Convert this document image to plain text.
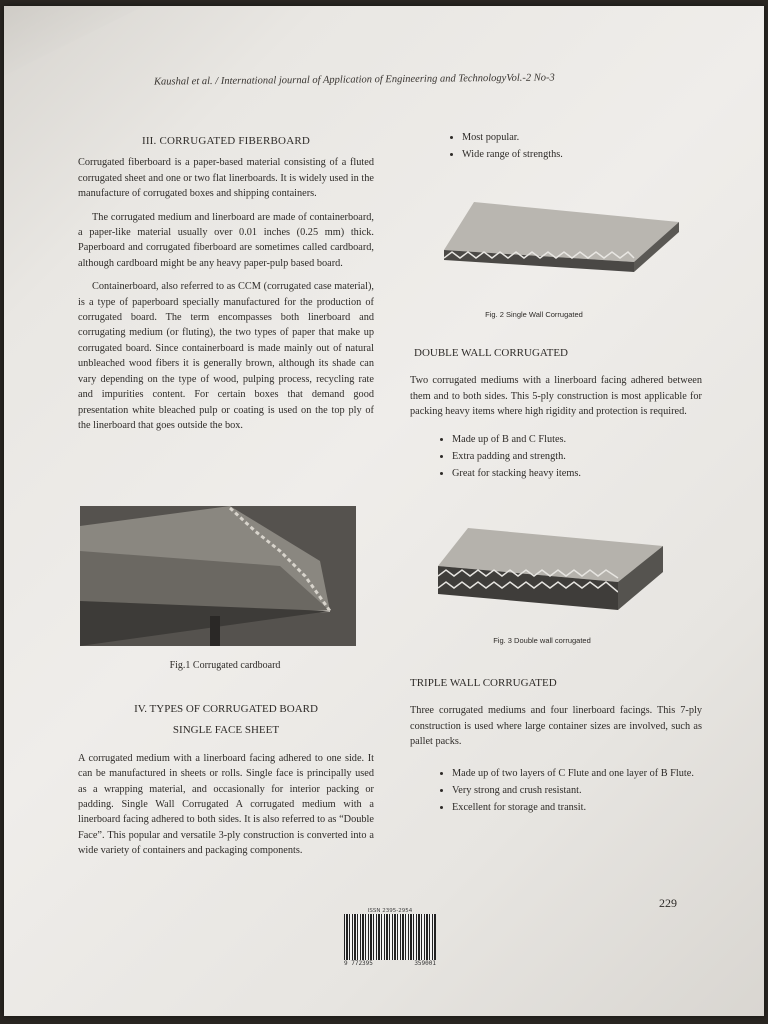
Kaushal et al. / International journal of Application of Engineering and TechnologyVol.-2 No-3
III. CORRUGATED FIBERBOARD

Corrugated fiberboard is a paper-based material consisting of a fluted corrugated sheet and one or two flat linerboards. It is widely used in the manufacture of corrugated boxes and shipping containers.

The corrugated medium and linerboard are made of containerboard, a paper-like material usually over 0.01 inches (0.25 mm) thick. Paperboard and corrugated fiberboard are sometimes called cardboard, although cardboard might be any heavy paper-pulp based board.

Containerboard, also referred to as CCM (corrugated case material), is a type of paperboard specially manufactured for the production of corrugated board. The term encompasses both linerboard and corrugating medium (or fluting), the two types of paper that make up corrugated board. Since containerboard is made mainly out of natural unbleached wood fibers it is generally brown, although its shade can vary depending on the type of wood, pulping process, recycling rate and impurities content. For certain boxes that demand good presentation white bleached pulp or coating is used on the top ply of the linerboard that goes outside the box.

Fig.1 Corrugated cardboard
IV. TYPES OF CORRUGATED BOARD
SINGLE FACE SHEET

A corrugated medium with a linerboard facing adhered to one side. It can be manufactured in sheets or rolls. Single face is principally used as a wrapping material, and occasionally for interior packing or padding. Single Wall Corrugated A corrugated medium with a linerboard facing adhered to both sides. It is also referred to as “Double Face”. This popular and versatile 3-ply construction is converted into a wide variety of containers and packaging components.

• Most popular.
• Wide range of strengths.
Fig. 2 Single Wall Corrugated
DOUBLE WALL CORRUGATED

Two corrugated mediums with a linerboard facing adhered between them and to both sides. This 5-ply construction is most applicable for packing heavy items where high rigidity and protection is required.

• Made up of B and C Flutes.
• Extra padding and strength.
• Great for stacking heavy items.
Fig. 3 Double wall corrugated
TRIPLE WALL CORRUGATED

Three corrugated mediums and four linerboard facings. This 7-ply construction is used where large container sizes are involved, such as pallet packs.

• Made up of two layers of C Flute and one layer of B Flute.
• Very strong and crush resistant.
• Excellent for storage and transit.
229
ISSN 2395-2954
9 772395	359001
